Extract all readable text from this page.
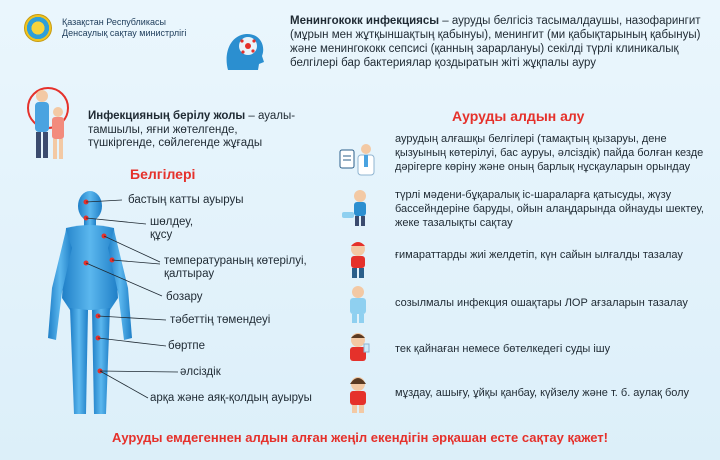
Қазақстан Республикасы
Денсаулық сақтау министрлігі
Менингококк инфекциясы – ауруды белгісіз тасымалдаушы, назофарингит (мұрын мен жұтқыншақтың қабынуы), менингит (ми қабықтарының қабынуы) және менингококк сепсисі (қанның зарарлануы) секілді түрлі клиникалық белгілері бар бактериялар қоздыратын жіті жұқпалы ауру
Инфекцияның берілу жолы – ауалы-тамшылы, яғни жөтелгенде, түшкіргенде, сөйлегенде жұғады
Белгілері
бастың катты ауыруы
шөлдеу,
құсу
температураның көтерілуі,
қалтырау
бозару
тәбеттің төмендеуі
бөртпе
әлсіздік
арқа және аяқ-қолдың ауыруы
Ауруды алдын алу
аурудың алғашқы белгілері (тамақтың қызаруы, дене қызуының көтерілуі, бас ауруы, әлсіздік) пайда болған кезде дәрігерге көріну және оның барлық нұсқауларын орындау
түрлі мәдени-бұқаралық іс-шараларға қатысуды, жүзу бассейндеріне баруды, ойын алаңдарында ойнауды шектеу, жеке тазалықты сақтау
ғимараттарды жиі желдетіп, күн сайын ылғалды тазалау
созылмалы инфекция ошақтары ЛОР ағзаларын тазалау
тек қайнаған немесе бөтелкедегі суды ішу
мұздау, ашығу, ұйқы қанбау, күйзелу және т. б. аулақ болу
Ауруды емдегеннен алдын алған жеңіл екендігін әрқашан есте сақтау қажет!
